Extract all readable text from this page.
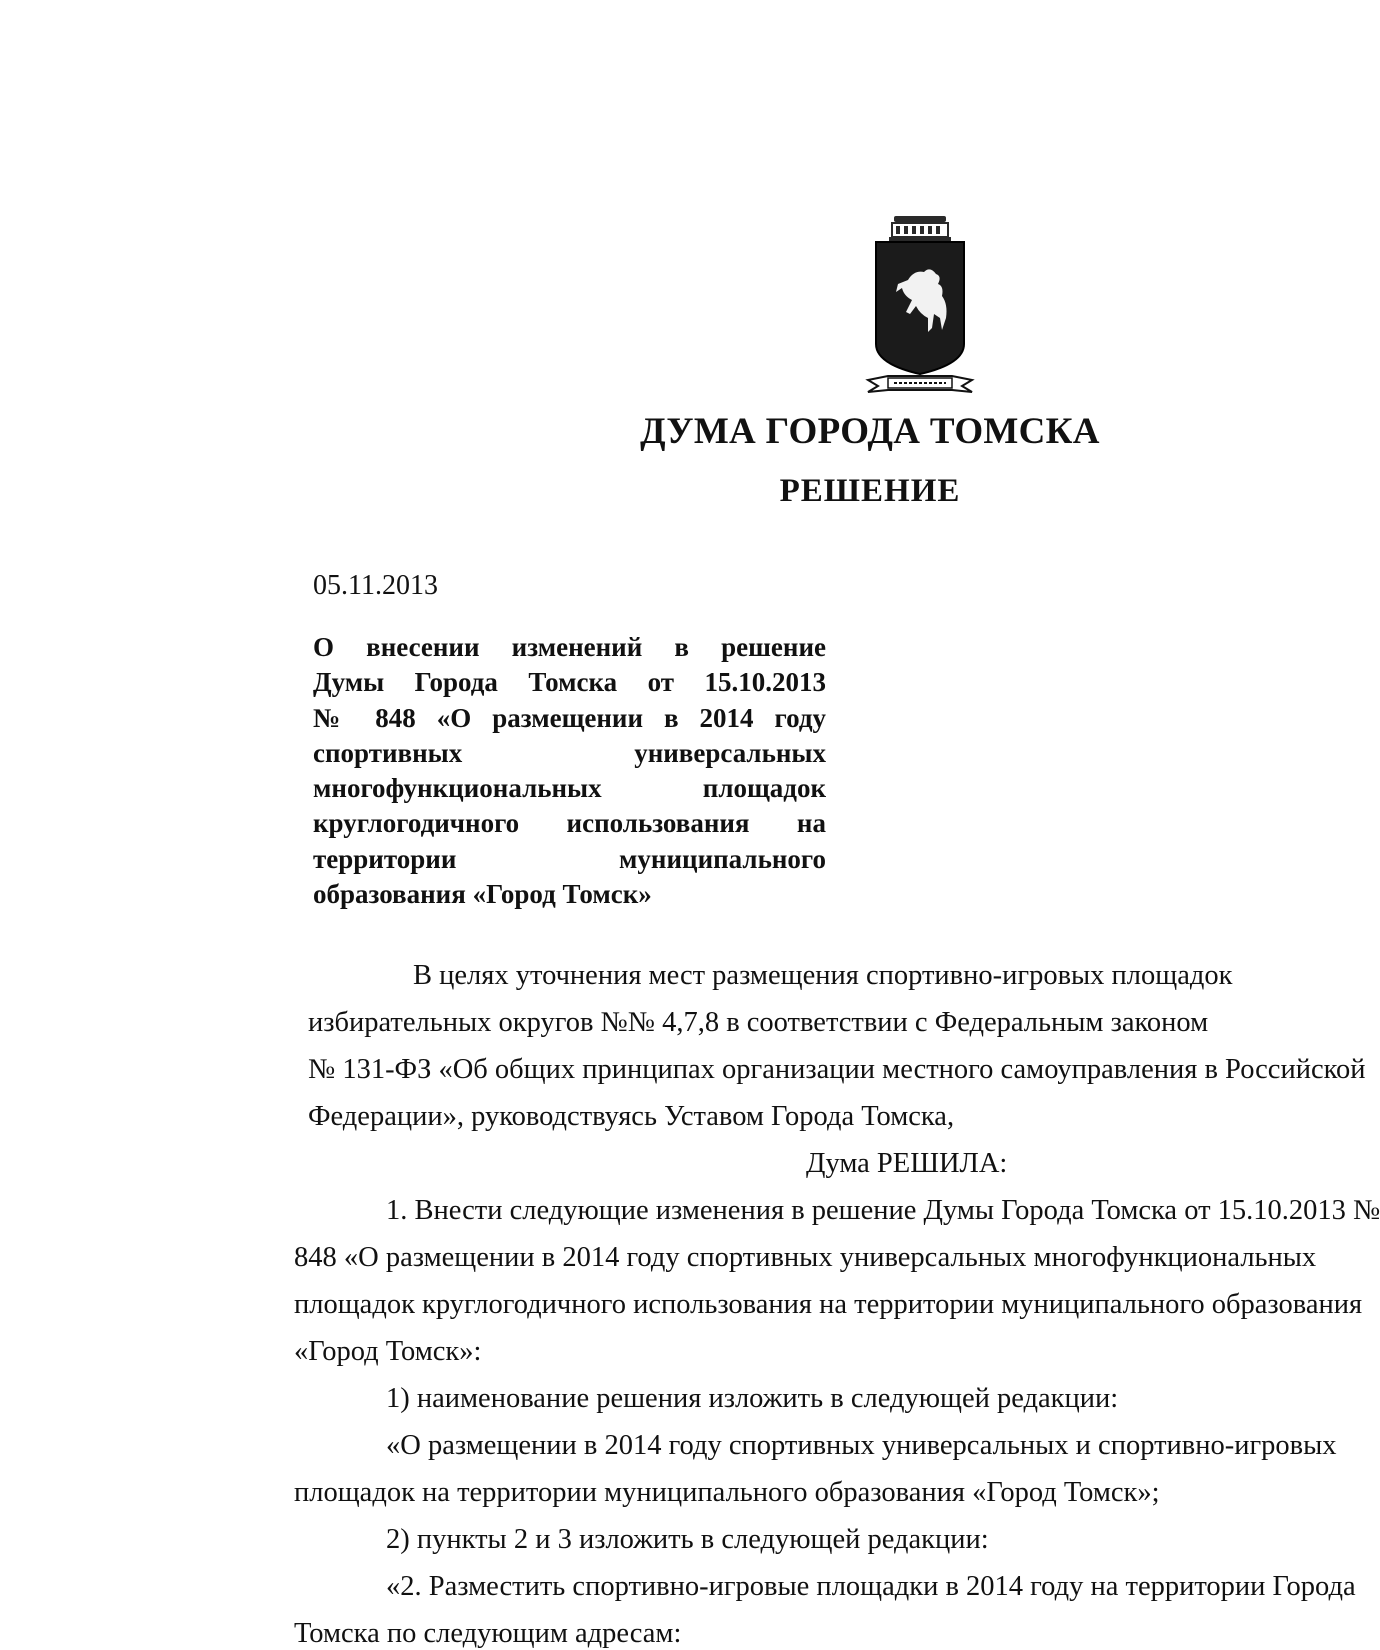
ДУМА ГОРОДА ТОМСКА
РЕШЕНИЕ
05.11.2013
О внесении изменений в решение
Думы Города Томска от 15.10.2013
№ 848 «О размещении в 2014 году
спортивных универсальных
многофункциональных площадок
круглогодичного использования на
территории муниципального
образования «Город Томск»
В целях уточнения мест размещения спортивно-игровых площадок
избирательных округов №№ 4,7,8 в соответствии с Федеральным законом
№ 131-ФЗ «Об общих принципах организации местного самоуправления в Российской
Федерации», руководствуясь Уставом Города Томска,
Дума РЕШИЛА:
1. Внести следующие изменения в решение Думы Города Томска от 15.10.2013 №
848 «О размещении в 2014 году спортивных универсальных многофункциональных
площадок круглогодичного использования на территории муниципального образования
«Город Томск»:
1) наименование решения изложить в следующей редакции:
«О размещении в 2014 году спортивных универсальных и спортивно-игровых
площадок на территории муниципального образования «Город Томск»;
2) пункты 2 и 3 изложить в следующей редакции:
«2. Разместить спортивно-игровые площадки в 2014 году на территории Города
Томска по следующим адресам:
